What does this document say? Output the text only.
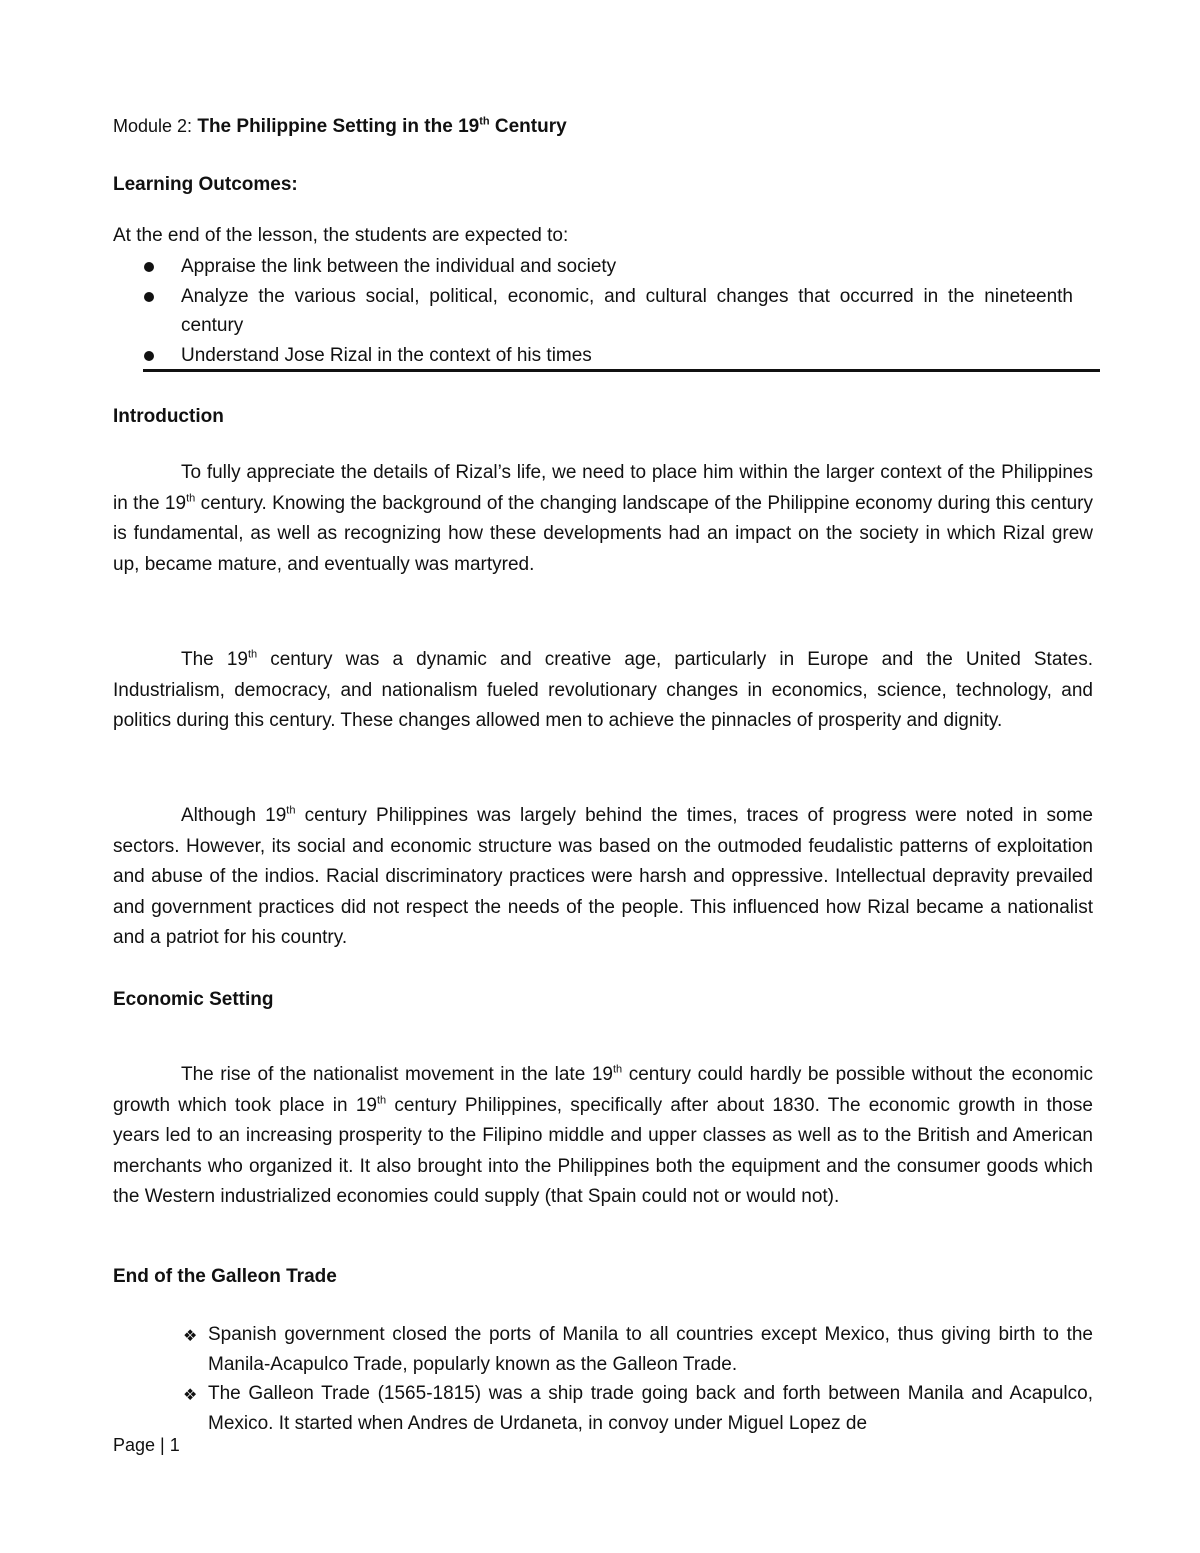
Module 2: The Philippine Setting in the 19th Century
Learning Outcomes:
At the end of the lesson, the students are expected to:
Appraise the link between the individual and society
Analyze the various social, political, economic, and cultural changes that occurred in the nineteenth century
Understand Jose Rizal in the context of his times
Introduction

To fully appreciate the details of Rizal’s life, we need to place him within the larger context of the Philippines in the 19th century. Knowing the background of the changing landscape of the Philippine economy during this century is fundamental, as well as recognizing how these developments had an impact on the society in which Rizal grew up, became mature, and eventually was martyred.

The 19th century was a dynamic and creative age, particularly in Europe and the United States. Industrialism, democracy, and nationalism fueled revolutionary changes in economics, science, technology, and politics during this century. These changes allowed men to achieve the pinnacles of prosperity and dignity.

Although 19th century Philippines was largely behind the times, traces of progress were noted in some sectors. However, its social and economic structure was based on the outmoded feudalistic patterns of exploitation and abuse of the indios. Racial discriminatory practices were harsh and oppressive. Intellectual depravity prevailed and government practices did not respect the needs of the people. This influenced how Rizal became a nationalist and a patriot for his country.

Economic Setting

The rise of the nationalist movement in the late 19th century could hardly be possible without the economic growth which took place in 19th century Philippines, specifically after about 1830. The economic growth in those years led to an increasing prosperity to the Filipino middle and upper classes as well as to the British and American merchants who organized it. It also brought into the Philippines both the equipment and the consumer goods which the Western industrialized economies could supply (that Spain could not or would not).

End of the Galleon Trade
❖ Spanish government closed the ports of Manila to all countries except Mexico, thus giving birth to the Manila-Acapulco Trade, popularly known as the Galleon Trade.
❖ The Galleon Trade (1565-1815) was a ship trade going back and forth between Manila and Acapulco, Mexico. It started when Andres de Urdaneta, in convoy under Miguel Lopez de
Page | 1
